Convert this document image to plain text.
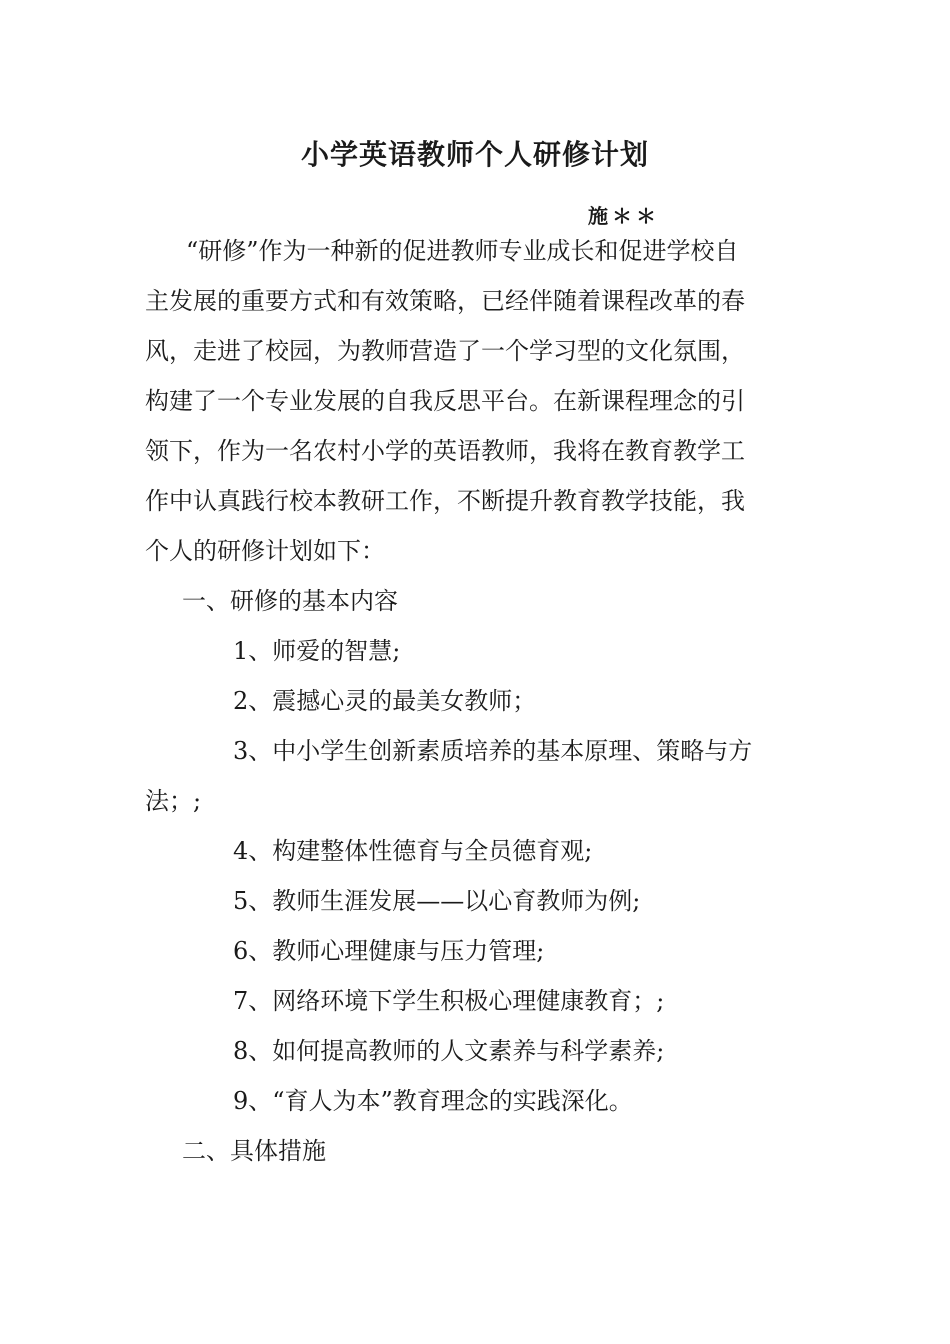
小学英语教师个人研修计划
施＊＊
“研修”作为一种新的促进教师专业成长和促进学校自
主发展的重要方式和有效策略，已经伴随着课程改革的春
风，走进了校园，为教师营造了一个学习型的文化氛围，
构建了一个专业发展的自我反思平台。在新课程理念的引
领下，作为一名农村小学的英语教师，我将在教育教学工
作中认真践行校本教研工作，不断提升教育教学技能，我
个人的研修计划如下：
一、研修的基本内容
1、师爱的智慧;
2、震撼心灵的最美女教师；
3、中小学生创新素质培养的基本原理、策略与方
法；;
4、构建整体性德育与全员德育观;
5、教师生涯发展——以心育教师为例;
6、教师心理健康与压力管理;
7、网络环境下学生积极心理健康教育；;
8、如何提高教师的人文素养与科学素养;
9、“育人为本”教育理念的实践深化。
二、具体措施
